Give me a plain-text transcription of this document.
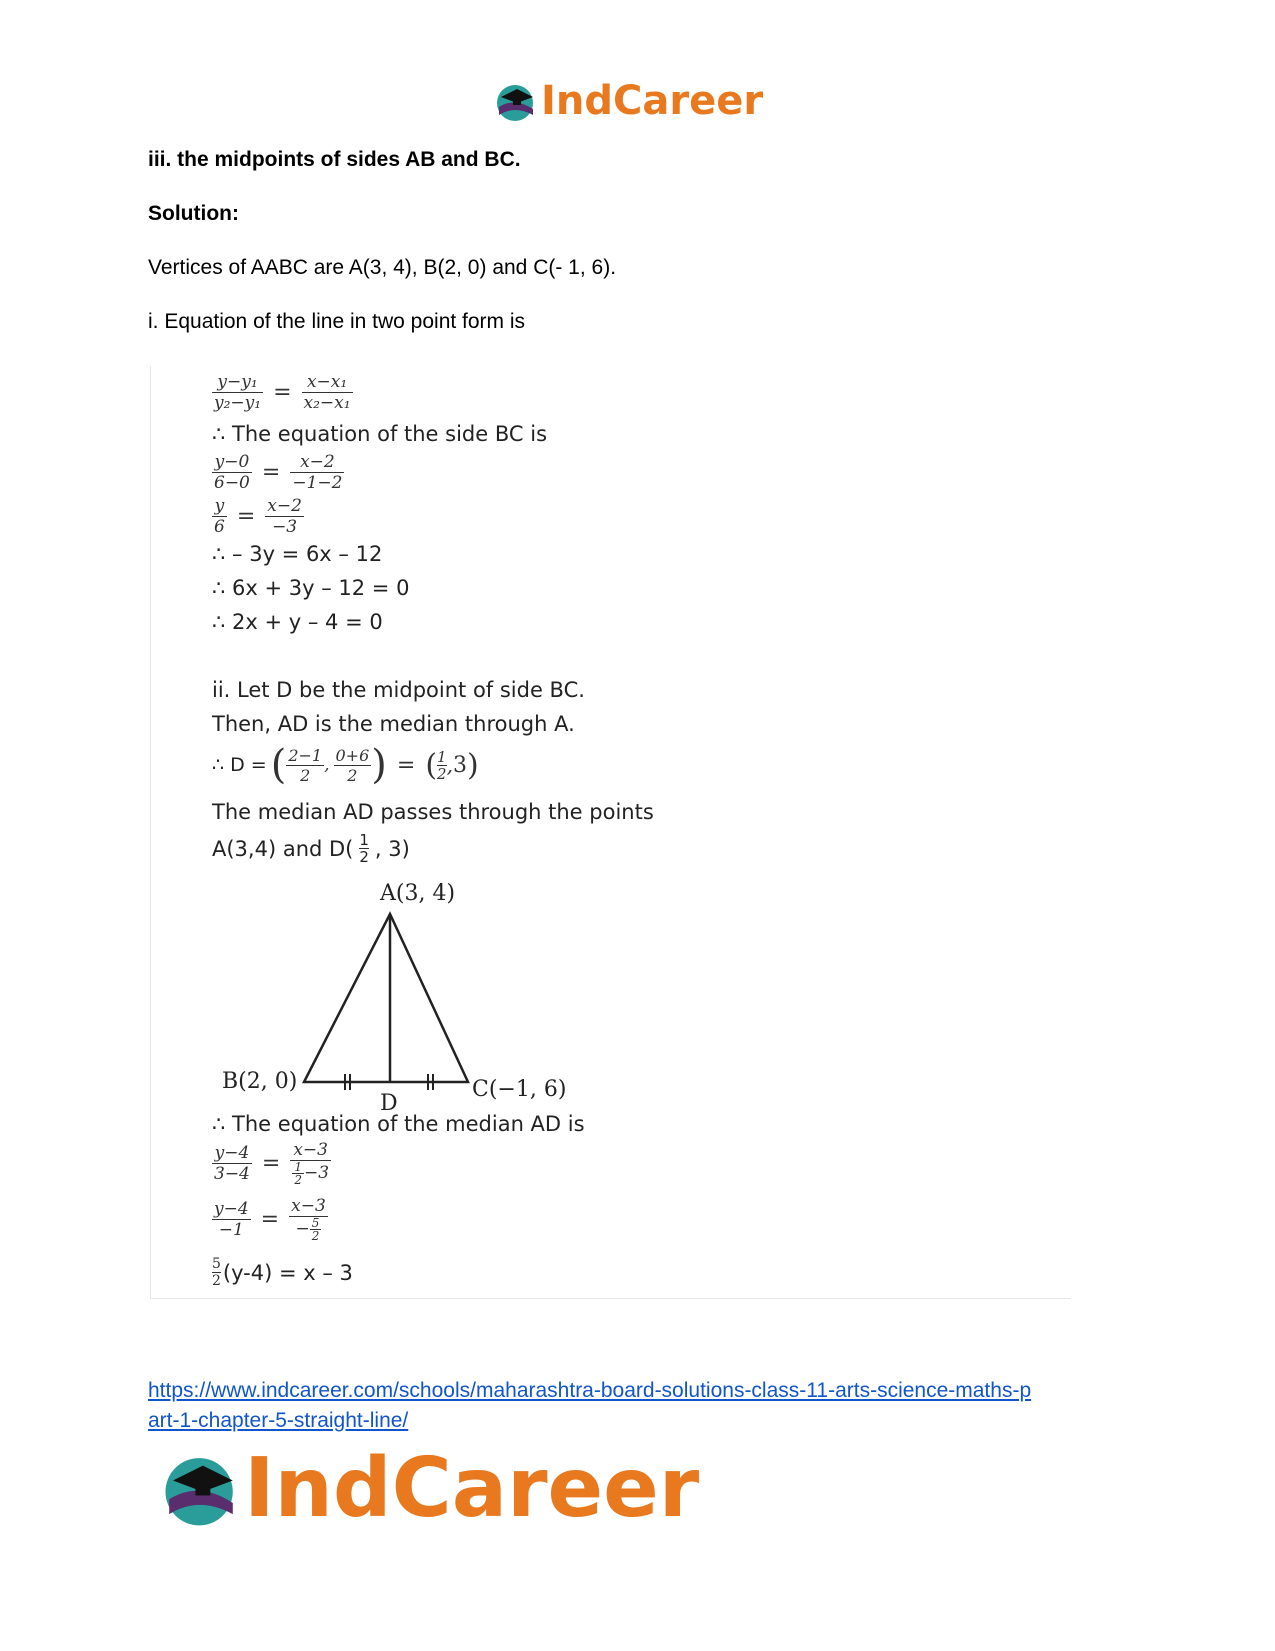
IndCareer
iii. the midpoints of sides AB and BC.
Solution:
Vertices of AABC are A(3, 4), B(2, 0) and C(- 1, 6).
i. Equation of the line in two point form is
$\frac{\text{y−y₁}}{\text{y₂−y₁}} = \frac{\text{x−x₁}}{\text{x₂−x₁}}$
∴ The equation of the side BC is
$\frac{y-0}{6-0} = \frac{x-2}{-1-2}$
$\frac{y}{6} = \frac{x-2}{-3}$
∴ – 3y = 6x – 12
∴ 6x + 3y – 12 = 0
∴ 2x + y – 4 = 0
ii. Let D be the midpoint of side BC.
Then, AD is the median through A.
∴ D = ( $\frac{2-1}{2}$ , $\frac{0+6}{2}$ ) = ( $\frac{1}{2}$ , 3 )
The median AD passes through the points
A(3,4) and $D( \frac{1}{2}$ , 3)
A(3, 4)
B(2, 0)	C(−1, 6)
D
∴ The equation of the median AD is
$\frac{y-4}{3-4} = \frac{x-3}{\frac{1}{2} -3}$
$\frac{y-4}{-1} = \frac{x-3}{-\frac{5}{2}}$
$\frac{5}{2} (y-4) = x - 3$
https://www.indcareer.com/schools/maharashtra-board-solutions-class-11-arts-science-maths-p
art-1-chapter-5-straight-line/
IndCareer
